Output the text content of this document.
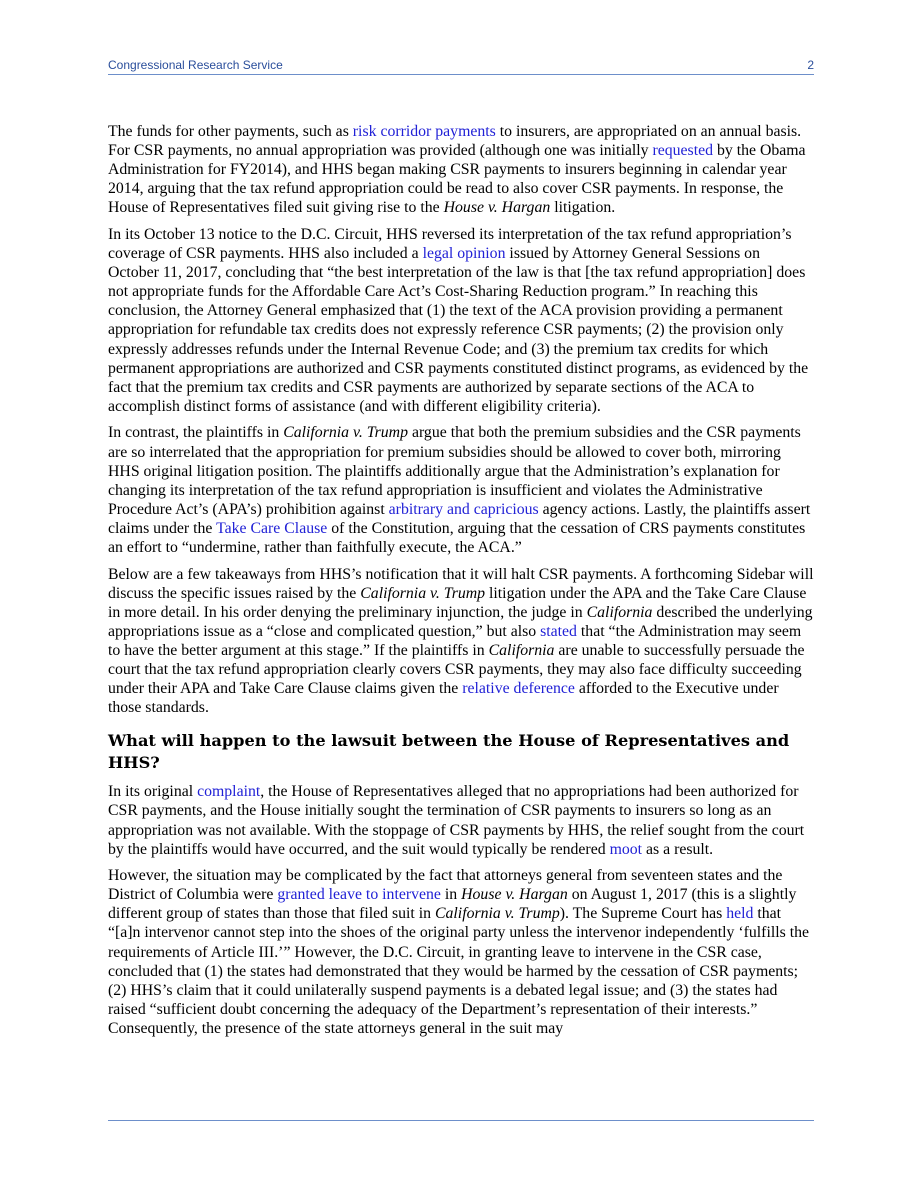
Congressional Research Service	2

The funds for other payments, such as risk corridor payments to insurers, are appropriated on an annual basis. For CSR payments, no annual appropriation was provided (although one was initially requested by the Obama Administration for FY2014), and HHS began making CSR payments to insurers beginning in calendar year 2014, arguing that the tax refund appropriation could be read to also cover CSR payments. In response, the House of Representatives filed suit giving rise to the House v. Hargan litigation.

In its October 13 notice to the D.C. Circuit, HHS reversed its interpretation of the tax refund appropriation’s coverage of CSR payments. HHS also included a legal opinion issued by Attorney General Sessions on October 11, 2017, concluding that “the best interpretation of the law is that [the tax refund appropriation] does not appropriate funds for the Affordable Care Act’s Cost-Sharing Reduction program.” In reaching this conclusion, the Attorney General emphasized that (1) the text of the ACA provision providing a permanent appropriation for refundable tax credits does not expressly reference CSR payments; (2) the provision only expressly addresses refunds under the Internal Revenue Code; and (3) the premium tax credits for which permanent appropriations are authorized and CSR payments constituted distinct programs, as evidenced by the fact that the premium tax credits and CSR payments are authorized by separate sections of the ACA to accomplish distinct forms of assistance (and with different eligibility criteria).

In contrast, the plaintiffs in California v. Trump argue that both the premium subsidies and the CSR payments are so interrelated that the appropriation for premium subsidies should be allowed to cover both, mirroring HHS original litigation position. The plaintiffs additionally argue that the Administration’s explanation for changing its interpretation of the tax refund appropriation is insufficient and violates the Administrative Procedure Act’s (APA’s) prohibition against arbitrary and capricious agency actions. Lastly, the plaintiffs assert claims under the Take Care Clause of the Constitution, arguing that the cessation of CRS payments constitutes an effort to “undermine, rather than faithfully execute, the ACA.”

Below are a few takeaways from HHS’s notification that it will halt CSR payments. A forthcoming Sidebar will discuss the specific issues raised by the California v. Trump litigation under the APA and the Take Care Clause in more detail. In his order denying the preliminary injunction, the judge in California described the underlying appropriations issue as a “close and complicated question,” but also stated that “the Administration may seem to have the better argument at this stage.” If the plaintiffs in California are unable to successfully persuade the court that the tax refund appropriation clearly covers CSR payments, they may also face difficulty succeeding under their APA and Take Care Clause claims given the relative deference afforded to the Executive under those standards.

What will happen to the lawsuit between the House of Representatives and HHS?

In its original complaint, the House of Representatives alleged that no appropriations had been authorized for CSR payments, and the House initially sought the termination of CSR payments to insurers so long as an appropriation was not available. With the stoppage of CSR payments by HHS, the relief sought from the court by the plaintiffs would have occurred, and the suit would typically be rendered moot as a result.

However, the situation may be complicated by the fact that attorneys general from seventeen states and the District of Columbia were granted leave to intervene in House v. Hargan on August 1, 2017 (this is a slightly different group of states than those that filed suit in California v. Trump). The Supreme Court has held that “[a]n intervenor cannot step into the shoes of the original party unless the intervenor independently ‘fulfills the requirements of Article III.’” However, the D.C. Circuit, in granting leave to intervene in the CSR case, concluded that (1) the states had demonstrated that they would be harmed by the cessation of CSR payments; (2) HHS’s claim that it could unilaterally suspend payments is a debated legal issue; and (3) the states had raised “sufficient doubt concerning the adequacy of the Department’s representation of their interests.” Consequently, the presence of the state attorneys general in the suit may
